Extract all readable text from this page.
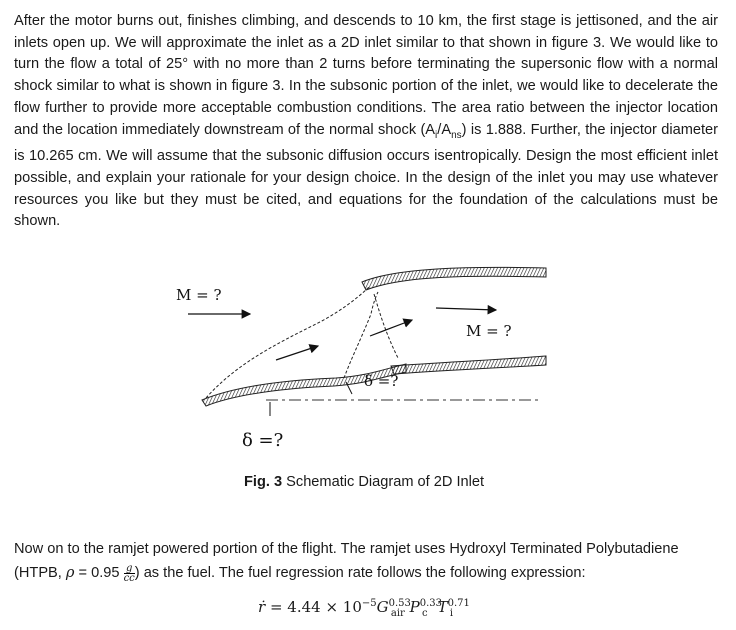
After the motor burns out, finishes climbing, and descends to 10 km, the first stage is jettisoned, and the air inlets open up. We will approximate the inlet as a 2D inlet similar to that shown in figure 3. We would like to turn the flow a total of 25° with no more than 2 turns before terminating the supersonic flow with a normal shock similar to what is shown in figure 3. In the subsonic portion of the inlet, we would like to decelerate the flow further to provide more acceptable combustion conditions. The area ratio between the injector location and the location immediately downstream of the normal shock $(A_i/A_{ns})$ is 1.888. Further, the injector diameter is 10.265 cm. We will assume that the subsonic diffusion occurs isentropically. Design the most efficient inlet possible, and explain your rationale for your design choice. In the design of the inlet you may use whatever resources you like but they must be cited, and equations for the foundation of the calculations must be shown.
M = ?
M = ?
δ =?
δ =?
Fig. 3 Schematic Diagram of 2D Inlet
Now on to the ramjet powered portion of the flight. The ramjet uses Hydroxyl Terminated Polybutadiene
(HTPB, $\rho = 0.95 \frac{g}{cc}$) as the fuel. The fuel regression rate follows the following expression:
ṙ = $4.44 \times 10^{-5}G^{0.53}_{air}$ $P^{0.33}_c$ $T^{0.71}_i$
